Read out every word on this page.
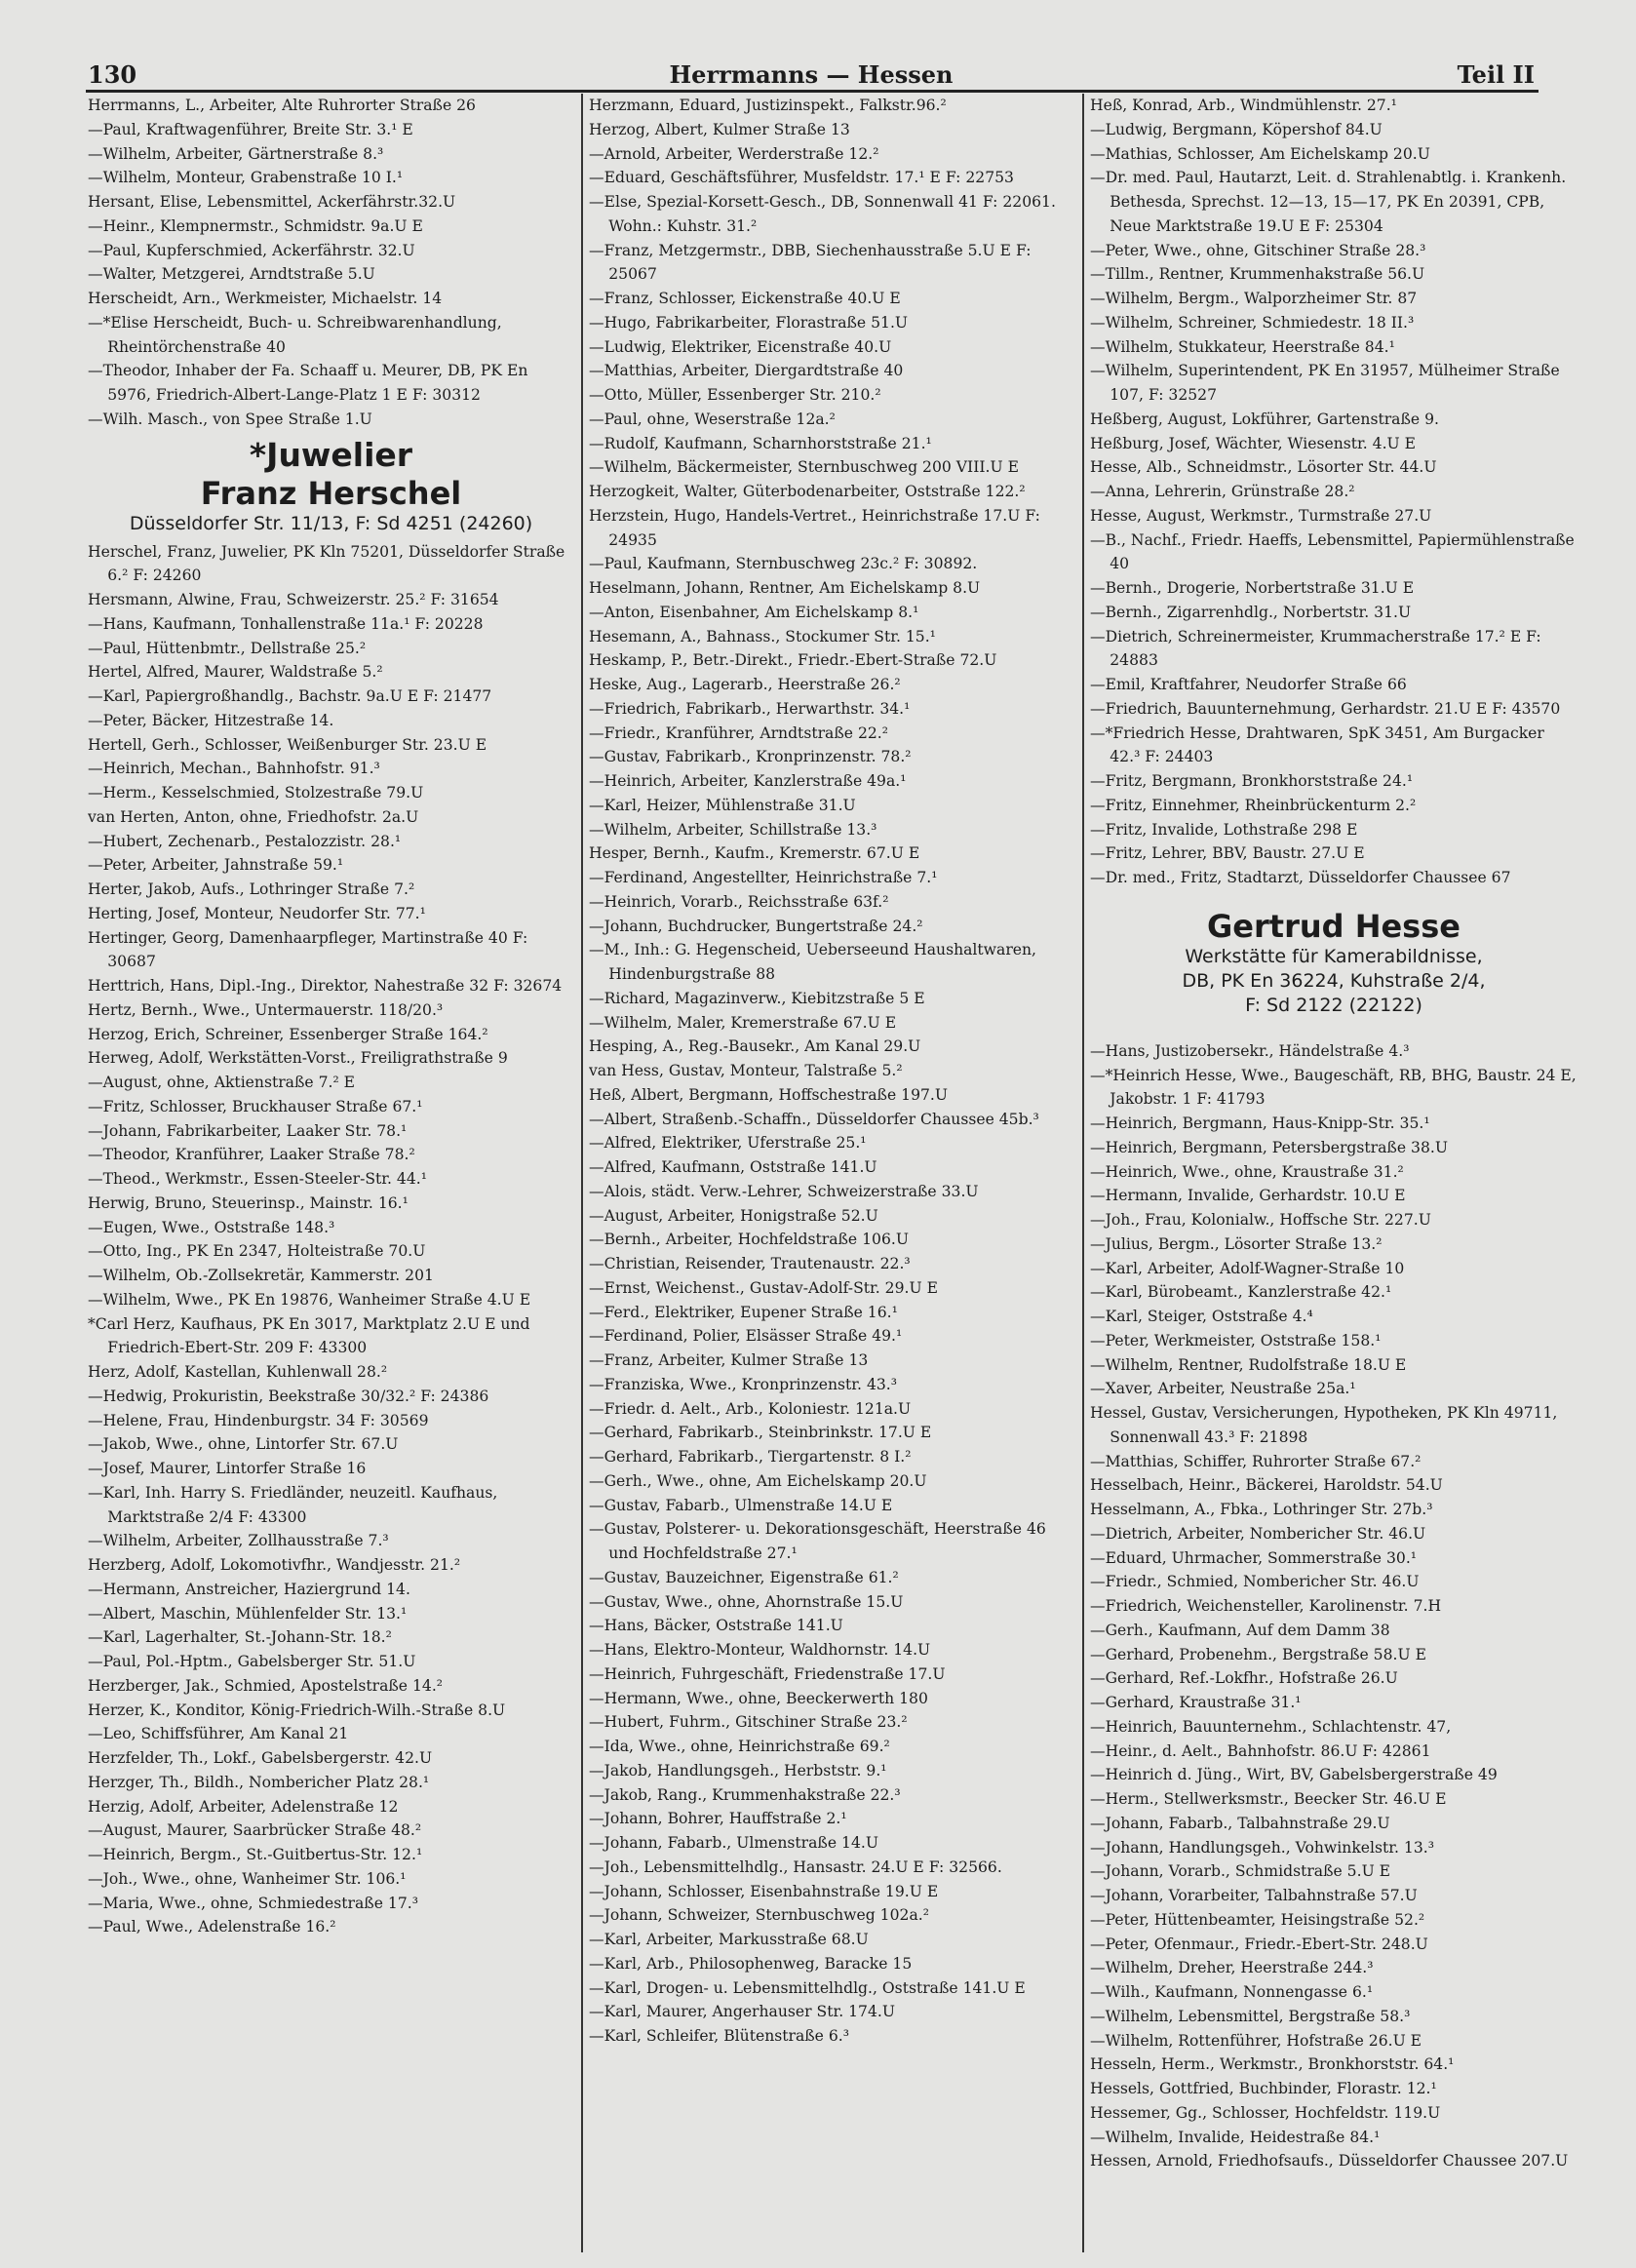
130	Herrmanns — Hessen	Teil II
Herrmanns, L., Arbeiter, Alte Ruhrorter Straße 26
—Paul, Kraftwagenführer, Breite Str. 3.¹ E
—Wilhelm, Arbeiter, Gärtnerstraße 8.³
—Wilhelm, Monteur, Grabenstraße 10 I.¹
Hersant, Elise, Lebensmittel, Ackerfährstr.32.U
—Heinr., Klempnermstr., Schmidstr. 9a.U E
—Paul, Kupferschmied, Ackerfährstr. 32.U
—Walter, Metzgerei, Arndtstraße 5.U
Herscheidt, Arn., Werkmeister, Michaelstr. 14
—*Elise Herscheidt, Buch- u. Schreibwarenhandlung, Rheintörchenstraße 40
—Theodor, Inhaber der Fa. Schaaff u. Meurer, DB, PK En 5976, Friedrich-Albert-Lange-Platz 1 E F: 30312
—Wilh. Masch., von Spee Straße 1.U
*Juwelier
Franz Herschel
Düsseldorfer Str. 11/13, F: Sd 4251 (24260)
Herschel, Franz, Juwelier, PK Kln 75201, Düsseldorfer Straße 6.² F: 24260
Hersmann, Alwine, Frau, Schweizerstr. 25.² F: 31654
—Hans, Kaufmann, Tonhallenstraße 11a.¹ F: 20228
—Paul, Hüttenbmtr., Dellstraße 25.²
Hertel, Alfred, Maurer, Waldstraße 5.²
—Karl, Papiergroßhandlg., Bachstr. 9a.U E F: 21477
—Peter, Bäcker, Hitzestraße 14.
Hertell, Gerh., Schlosser, Weißenburger Str. 23.U E
—Heinrich, Mechan., Bahnhofstr. 91.³
—Herm., Kesselschmied, Stolzestraße 79.U
van Herten, Anton, ohne, Friedhofstr. 2a.U
—Hubert, Zechenarb., Pestalozzistr. 28.¹
—Peter, Arbeiter, Jahnstraße 59.¹
Herter, Jakob, Aufs., Lothringer Straße 7.²
Herting, Josef, Monteur, Neudorfer Str. 77.¹
Hertinger, Georg, Damenhaarpfleger, Martinstraße 40 F: 30687
Herttrich, Hans, Dipl.-Ing., Direktor, Nahestraße 32 F: 32674
Hertz, Bernh., Wwe., Untermauerstr. 118/20.³
Herzog, Erich, Schreiner, Essenberger Straße 164.²
Herweg, Adolf, Werkstätten-Vorst., Freiligrathstraße 9
—August, ohne, Aktienstraße 7.² E
—Fritz, Schlosser, Bruckhauser Straße 67.¹
—Johann, Fabrikarbeiter, Laaker Str. 78.¹
—Theodor, Kranführer, Laaker Straße 78.²
—Theod., Werkmstr., Essen-Steeler-Str. 44.¹
Herwig, Bruno, Steuerinsp., Mainstr. 16.¹
—Eugen, Wwe., Oststraße 148.³
—Otto, Ing., PK En 2347, Holteistraße 70.U
—Wilhelm, Ob.-Zollsekretär, Kammerstr. 201
—Wilhelm, Wwe., PK En 19876, Wanheimer Straße 4.U E
*Carl Herz, Kaufhaus, PK En 3017, Marktplatz 2.U E und Friedrich-Ebert-Str. 209 F: 43300
Herz, Adolf, Kastellan, Kuhlenwall 28.²
—Hedwig, Prokuristin, Beekstraße 30/32.² F: 24386
—Helene, Frau, Hindenburgstr. 34 F: 30569
—Jakob, Wwe., ohne, Lintorfer Str. 67.U
—Josef, Maurer, Lintorfer Straße 16
—Karl, Inh. Harry S. Friedländer, neuzeitl. Kaufhaus, Marktstraße 2/4 F: 43300
—Wilhelm, Arbeiter, Zollhausstraße 7.³
Herzberg, Adolf, Lokomotivfhr., Wandjesstr. 21.²
—Hermann, Anstreicher, Haziergrund 14.
—Albert, Maschin, Mühlenfelder Str. 13.¹
—Karl, Lagerhalter, St.-Johann-Str. 18.²
—Paul, Pol.-Hptm., Gabelsberger Str. 51.U
Herzberger, Jak., Schmied, Apostelstraße 14.²
Herzer, K., Konditor, König-Friedrich-Wilh.-Straße 8.U
—Leo, Schiffsführer, Am Kanal 21
Herzfelder, Th., Lokf., Gabelsbergerstr. 42.U
Herzger, Th., Bildh., Nombericher Platz 28.¹
Herzig, Adolf, Arbeiter, Adelenstraße 12
—August, Maurer, Saarbrücker Straße 48.²
—Heinrich, Bergm., St.-Guitbertus-Str. 12.¹
—Joh., Wwe., ohne, Wanheimer Str. 106.¹
—Maria, Wwe., ohne, Schmiedestraße 17.³
—Paul, Wwe., Adelenstraße 16.²
Herzmann, Eduard, Justizinspekt., Falkstr.96.²
Herzog, Albert, Kulmer Straße 13
—Arnold, Arbeiter, Werderstraße 12.²
—Eduard, Geschäftsführer, Musfeldstr. 17.¹ E F: 22753
—Else, Spezial-Korsett-Gesch., DB, Sonnenwall 41 F: 22061. Wohn.: Kuhstr. 31.²
—Franz, Metzgermstr., DBB, Siechenhausstraße 5.U E F: 25067
—Franz, Schlosser, Eickenstraße 40.U E
—Hugo, Fabrikarbeiter, Florastraße 51.U
—Ludwig, Elektriker, Eicenstraße 40.U
—Matthias, Arbeiter, Diergardtstraße 40
—Otto, Müller, Essenberger Str. 210.²
—Paul, ohne, Weserstraße 12a.²
—Rudolf, Kaufmann, Scharnhorststraße 21.¹
—Wilhelm, Bäckermeister, Sternbuschweg 200 VIII.U E
Herzogkeit, Walter, Güterbodenarbeiter, Oststraße 122.²
Herzstein, Hugo, Handels-Vertret., Heinrichstraße 17.U F: 24935
—Paul, Kaufmann, Sternbuschweg 23c.² F: 30892.
Heselmann, Johann, Rentner, Am Eichelskamp 8.U
—Anton, Eisenbahner, Am Eichelskamp 8.¹
Hesemann, A., Bahnass., Stockumer Str. 15.¹
Heskamp, P., Betr.-Direkt., Friedr.-Ebert-Straße 72.U
Heske, Aug., Lagerarb., Heerstraße 26.²
—Friedrich, Fabrikarb., Herwarthstr. 34.¹
—Friedr., Kranführer, Arndtstraße 22.²
—Gustav, Fabrikarb., Kronprinzenstr. 78.²
—Heinrich, Arbeiter, Kanzlerstraße 49a.¹
—Karl, Heizer, Mühlenstraße 31.U
—Wilhelm, Arbeiter, Schillstraße 13.³
Hesper, Bernh., Kaufm., Kremerstr. 67.U E
—Ferdinand, Angestellter, Heinrichstraße 7.¹
—Heinrich, Vorarb., Reichsstraße 63f.²
—Johann, Buchdrucker, Bungertstraße 24.²
—M., Inh.: G. Hegenscheid, Ueberseeund Haushaltwaren, Hindenburgstraße 88
—Richard, Magazinverw., Kiebitzstraße 5 E
—Wilhelm, Maler, Kremerstraße 67.U E
Hesping, A., Reg.-Bausekr., Am Kanal 29.U
van Hess, Gustav, Monteur, Talstraße 5.²
Heß, Albert, Bergmann, Hoffschestraße 197.U
—Albert, Straßenb.-Schaffn., Düsseldorfer Chaussee 45b.³
—Alfred, Elektriker, Uferstraße 25.¹
—Alfred, Kaufmann, Oststraße 141.U
—Alois, städt. Verw.-Lehrer, Schweizerstraße 33.U
—August, Arbeiter, Honigstraße 52.U
—Bernh., Arbeiter, Hochfeldstraße 106.U
—Christian, Reisender, Trautenaustr. 22.³
—Ernst, Weichenst., Gustav-Adolf-Str. 29.U E
—Ferd., Elektriker, Eupener Straße 16.¹
—Ferdinand, Polier, Elsässer Straße 49.¹
—Franz, Arbeiter, Kulmer Straße 13
—Franziska, Wwe., Kronprinzenstr. 43.³
—Friedr. d. Aelt., Arb., Koloniestr. 121a.U
—Gerhard, Fabrikarb., Steinbrinkstr. 17.U E
—Gerhard, Fabrikarb., Tiergartenstr. 8 I.²
—Gerh., Wwe., ohne, Am Eichelskamp 20.U
—Gustav, Fabarb., Ulmenstraße 14.U E
—Gustav, Polsterer- u. Dekorationsgeschäft, Heerstraße 46 und Hochfeldstraße 27.¹
—Gustav, Bauzeichner, Eigenstraße 61.²
—Gustav, Wwe., ohne, Ahornstraße 15.U
—Hans, Bäcker, Oststraße 141.U
—Hans, Elektro-Monteur, Waldhornstr. 14.U
—Heinrich, Fuhrgeschäft, Friedenstraße 17.U
—Hermann, Wwe., ohne, Beeckerwerth 180
—Hubert, Fuhrm., Gitschiner Straße 23.²
—Ida, Wwe., ohne, Heinrichstraße 69.²
—Jakob, Handlungsgeh., Herbststr. 9.¹
—Jakob, Rang., Krummenhakstraße 22.³
—Johann, Bohrer, Hauffstraße 2.¹
—Johann, Fabarb., Ulmenstraße 14.U
—Joh., Lebensmittelhdlg., Hansastr. 24.U E F: 32566.
—Johann, Schlosser, Eisenbahnstraße 19.U E
—Johann, Schweizer, Sternbuschweg 102a.²
—Karl, Arbeiter, Markusstraße 68.U
—Karl, Arb., Philosophenweg, Baracke 15
—Karl, Drogen- u. Lebensmittelhdlg., Oststraße 141.U E
—Karl, Maurer, Angerhauser Str. 174.U
—Karl, Schleifer, Blütenstraße 6.³
Heß, Konrad, Arb., Windmühlenstr. 27.¹
—Ludwig, Bergmann, Köpershof 84.U
—Mathias, Schlosser, Am Eichelskamp 20.U
—Dr. med. Paul, Hautarzt, Leit. d. Strahlenabtlg. i. Krankenh. Bethesda, Sprechst. 12—13, 15—17, PK En 20391, CPB, Neue Marktstraße 19.U E F: 25304
—Peter, Wwe., ohne, Gitschiner Straße 28.³
—Tillm., Rentner, Krummenhakstraße 56.U
—Wilhelm, Bergm., Walporzheimer Str. 87
—Wilhelm, Schreiner, Schmiedestr. 18 II.³
—Wilhelm, Stukkateur, Heerstraße 84.¹
—Wilhelm, Superintendent, PK En 31957, Mülheimer Straße 107, F: 32527
Heßberg, August, Lokführer, Gartenstraße 9.
Heßburg, Josef, Wächter, Wiesenstr. 4.U E
Hesse, Alb., Schneidmstr., Lösorter Str. 44.U
—Anna, Lehrerin, Grünstraße 28.²
Hesse, August, Werkmstr., Turmstraße 27.U
—B., Nachf., Friedr. Haeffs, Lebensmittel, Papiermühlenstraße 40
—Bernh., Drogerie, Norbertstraße 31.U E
—Bernh., Zigarrenhdlg., Norbertstr. 31.U
—Dietrich, Schreinermeister, Krummacherstraße 17.² E F: 24883
—Emil, Kraftfahrer, Neudorfer Straße 66
—Friedrich, Bauunternehmung, Gerhardstr. 21.U E F: 43570
—*Friedrich Hesse, Drahtwaren, SpK 3451, Am Burgacker 42.³ F: 24403
—Fritz, Bergmann, Bronkhorststraße 24.¹
—Fritz, Einnehmer, Rheinbrückenturm 2.²
—Fritz, Invalide, Lothstraße 298 E
—Fritz, Lehrer, BBV, Baustr. 27.U E
—Dr. med., Fritz, Stadtarzt, Düsseldorfer Chaussee 67
Gertrud Hesse
Werkstätte für Kamerabildnisse,
DB, PK En 36224, Kuhstraße 2/4,
F: Sd 2122 (22122)
—Hans, Justizobersekr., Händelstraße 4.³
—*Heinrich Hesse, Wwe., Baugeschäft, RB, BHG, Baustr. 24 E, Jakobstr. 1 F: 41793
—Heinrich, Bergmann, Haus-Knipp-Str. 35.¹
—Heinrich, Bergmann, Petersbergstraße 38.U
—Heinrich, Wwe., ohne, Kraustraße 31.²
—Hermann, Invalide, Gerhardstr. 10.U E
—Joh., Frau, Kolonialw., Hoffsche Str. 227.U
—Julius, Bergm., Lösorter Straße 13.²
—Karl, Arbeiter, Adolf-Wagner-Straße 10
—Karl, Bürobeamt., Kanzlerstraße 42.¹
—Karl, Steiger, Oststraße 4.⁴
—Peter, Werkmeister, Oststraße 158.¹
—Wilhelm, Rentner, Rudolfstraße 18.U E
—Xaver, Arbeiter, Neustraße 25a.¹
Hessel, Gustav, Versicherungen, Hypotheken, PK Kln 49711, Sonnenwall 43.³ F: 21898
—Matthias, Schiffer, Ruhrorter Straße 67.²
Hesselbach, Heinr., Bäckerei, Haroldstr. 54.U
Hesselmann, A., Fbka., Lothringer Str. 27b.³
—Dietrich, Arbeiter, Nombericher Str. 46.U
—Eduard, Uhrmacher, Sommerstraße 30.¹
—Friedr., Schmied, Nombericher Str. 46.U
—Friedrich, Weichensteller, Karolinenstr. 7.H
—Gerh., Kaufmann, Auf dem Damm 38
—Gerhard, Probenehm., Bergstraße 58.U E
—Gerhard, Ref.-Lokfhr., Hofstraße 26.U
—Gerhard, Kraustraße 31.¹
—Heinrich, Bauunternehm., Schlachtenstr. 47,
—Heinr., d. Aelt., Bahnhofstr. 86.U F: 42861
—Heinrich d. Jüng., Wirt, BV, Gabelsbergerstraße 49
—Herm., Stellwerksmstr., Beecker Str. 46.U E
—Johann, Fabarb., Talbahnstraße 29.U
—Johann, Handlungsgeh., Vohwinkelstr. 13.³
—Johann, Vorarb., Schmidstraße 5.U E
—Johann, Vorarbeiter, Talbahnstraße 57.U
—Peter, Hüttenbeamter, Heisingstraße 52.²
—Peter, Ofenmaur., Friedr.-Ebert-Str. 248.U
—Wilhelm, Dreher, Heerstraße 244.³
—Wilh., Kaufmann, Nonnengasse 6.¹
—Wilhelm, Lebensmittel, Bergstraße 58.³
—Wilhelm, Rottenführer, Hofstraße 26.U E
Hesseln, Herm., Werkmstr., Bronkhorststr. 64.¹
Hessels, Gottfried, Buchbinder, Florastr. 12.¹
Hessemer, Gg., Schlosser, Hochfeldstr. 119.U
—Wilhelm, Invalide, Heidestraße 84.¹
Hessen, Arnold, Friedhofsaufs., Düsseldorfer Chaussee 207.U
